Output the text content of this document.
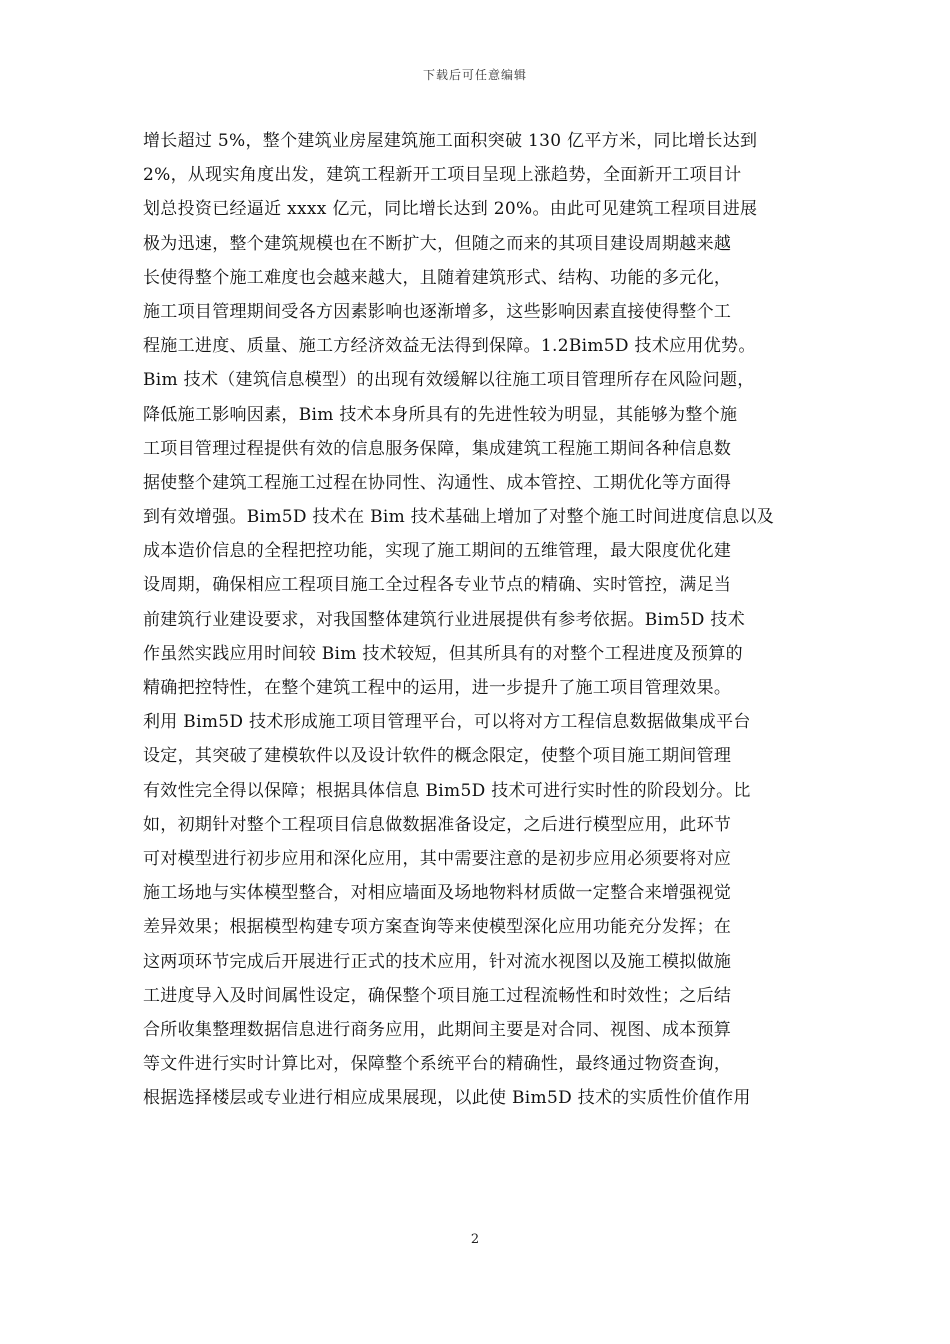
下载后可任意编辑
增长超过 5%，整个建筑业房屋建筑施工面积突破 130 亿平方米，同比增长达到
2%，从现实角度出发，建筑工程新开工项目呈现上涨趋势，全面新开工项目计
划总投资已经逼近 xxxx 亿元，同比增长达到 20%。由此可见建筑工程项目进展
极为迅速，整个建筑规模也在不断扩大，但随之而来的其项目建设周期越来越
长使得整个施工难度也会越来越大，且随着建筑形式、结构、功能的多元化，
施工项目管理期间受各方因素影响也逐渐增多，这些影响因素直接使得整个工
程施工进度、质量、施工方经济效益无法得到保障。1.2Bim5D 技术应用优势。
Bim 技术（建筑信息模型）的出现有效缓解以往施工项目管理所存在风险问题，
降低施工影响因素，Bim 技术本身所具有的先进性较为明显，其能够为整个施
工项目管理过程提供有效的信息服务保障，集成建筑工程施工期间各种信息数
据使整个建筑工程施工过程在协同性、沟通性、成本管控、工期优化等方面得
到有效增强。Bim5D 技术在 Bim 技术基础上增加了对整个施工时间进度信息以及
成本造价信息的全程把控功能，实现了施工期间的五维管理，最大限度优化建
设周期，确保相应工程项目施工全过程各专业节点的精确、实时管控，满足当
前建筑行业建设要求，对我国整体建筑行业进展提供有参考依据。Bim5D 技术
作虽然实践应用时间较 Bim 技术较短，但其所具有的对整个工程进度及预算的
精确把控特性，在整个建筑工程中的运用，进一步提升了施工项目管理效果。
利用 Bim5D 技术形成施工项目管理平台，可以将对方工程信息数据做集成平台
设定，其突破了建模软件以及设计软件的概念限定，使整个项目施工期间管理
有效性完全得以保障；根据具体信息 Bim5D 技术可进行实时性的阶段划分。比
如，初期针对整个工程项目信息做数据准备设定，之后进行模型应用，此环节
可对模型进行初步应用和深化应用，其中需要注意的是初步应用必须要将对应
施工场地与实体模型整合，对相应墙面及场地物料材质做一定整合来增强视觉
差异效果；根据模型构建专项方案查询等来使模型深化应用功能充分发挥；在
这两项环节完成后开展进行正式的技术应用，针对流水视图以及施工模拟做施
工进度导入及时间属性设定，确保整个项目施工过程流畅性和时效性；之后结
合所收集整理数据信息进行商务应用，此期间主要是对合同、视图、成本预算
等文件进行实时计算比对，保障整个系统平台的精确性，最终通过物资查询，
根据选择楼层或专业进行相应成果展现，以此使 Bim5D 技术的实质性价值作用
2
